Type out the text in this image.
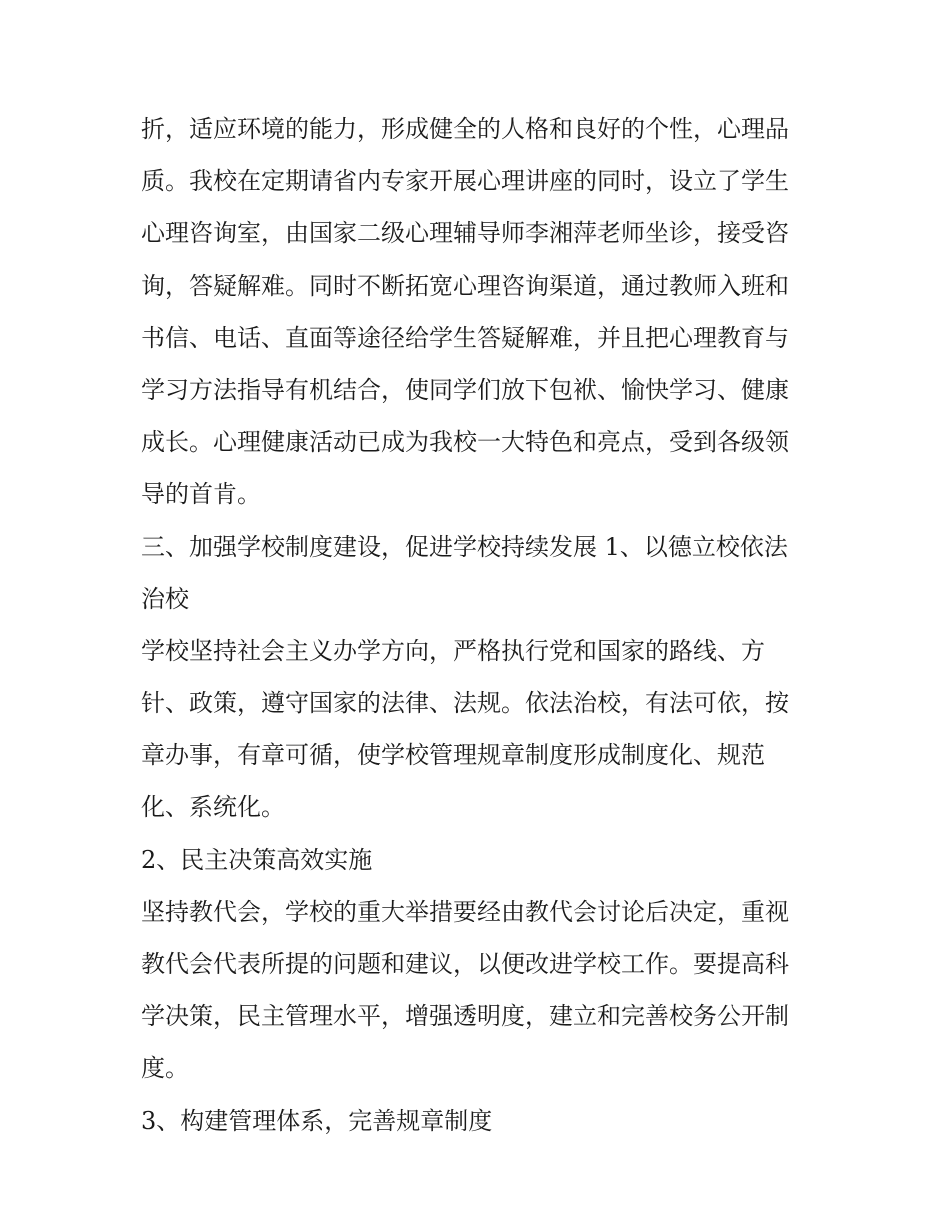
折，适应环境的能力，形成健全的人格和良好的个性，心理品
质。我校在定期请省内专家开展心理讲座的同时，设立了学生
心理咨询室，由国家二级心理辅导师李湘萍老师坐诊，接受咨
询，答疑解难。同时不断拓宽心理咨询渠道，通过教师入班和
书信、电话、直面等途径给学生答疑解难，并且把心理教育与
学习方法指导有机结合，使同学们放下包袱、愉快学习、健康
成长。心理健康活动已成为我校一大特色和亮点，受到各级领
导的首肯。
三、加强学校制度建设，促进学校持续发展 1、以德立校依法
治校
学校坚持社会主义办学方向，严格执行党和国家的路线、方
针、政策，遵守国家的法律、法规。依法治校，有法可依，按
章办事，有章可循，使学校管理规章制度形成制度化、规范
化、系统化。
2、民主决策高效实施
坚持教代会，学校的重大举措要经由教代会讨论后决定，重视
教代会代表所提的问题和建议，以便改进学校工作。要提高科
学决策，民主管理水平，增强透明度，建立和完善校务公开制
度。
3、构建管理体系，完善规章制度
